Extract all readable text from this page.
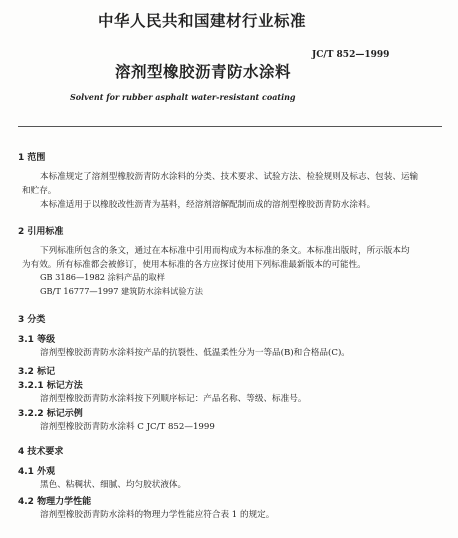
中华人民共和国建材行业标准
JC/T 852—1999
溶剂型橡胶沥青防水涂料
Solvent for rubber asphalt water-resistant coating
1 范围
本标准规定了溶剂型橡胶沥青防水涂料的分类、技术要求、试验方法、检验规则及标志、包装、运输
和贮存。
本标准适用于以橡胶改性沥青为基料，经溶剂溶解配制而成的溶剂型橡胶沥青防水涂料。
2 引用标准
下列标准所包含的条文，通过在本标准中引用而构成为本标准的条文。本标准出版时，所示版本均
为有效。所有标准都会被修订，使用本标准的各方应探讨使用下列标准最新版本的可能性。
GB 3186—1982 涂料产品的取样
GB/T 16777—1997 建筑防水涂料试验方法
3 分类
3.1 等级
溶剂型橡胶沥青防水涂料按产品的抗裂性、低温柔性分为一等品(B)和合格品(C)。
3.2 标记
3.2.1 标记方法
溶剂型橡胶沥青防水涂料按下列顺序标记：产品名称、等级、标准号。
3.2.2 标记示例
溶剂型橡胶沥青防水涂料 C JC/T 852—1999
4 技术要求
4.1 外观
黑色、粘稠状、细腻、均匀胶状液体。
4.2 物理力学性能
溶剂型橡胶沥青防水涂料的物理力学性能应符合表 1 的规定。
